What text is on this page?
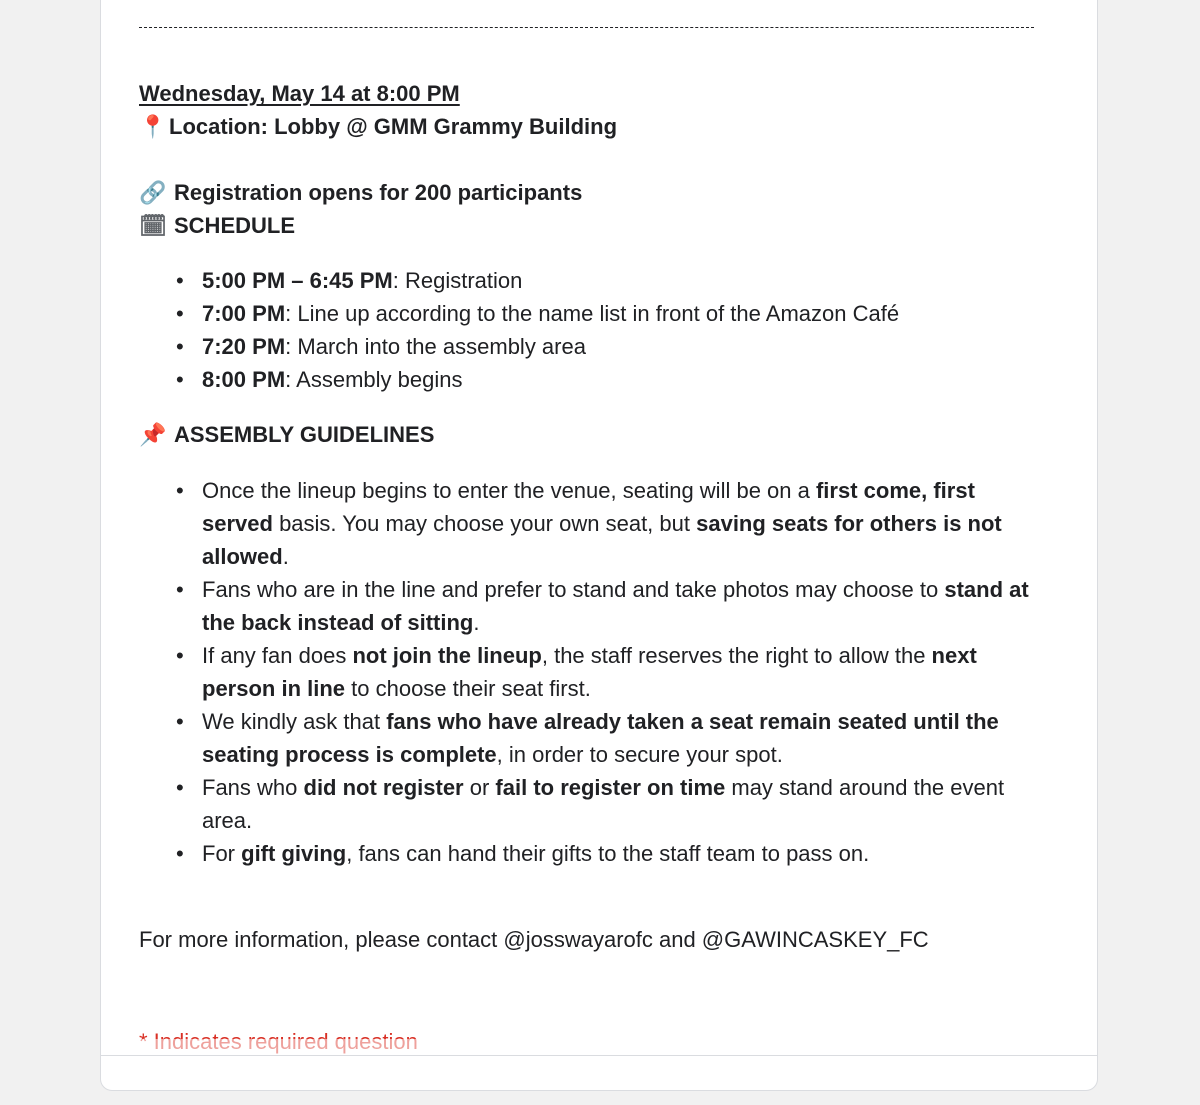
Wednesday, May 14 at 8:00 PM
📍 Location: Lobby @ GMM Grammy Building
🔗 Registration opens for 200 participants
🗓 SCHEDULE
• 5:00 PM – 6:45 PM: Registration
• 7:00 PM: Line up according to the name list in front of the Amazon Café
• 7:20 PM: March into the assembly area
• 8:00 PM: Assembly begins
📌 ASSEMBLY GUIDELINES
• Once the lineup begins to enter the venue, seating will be on a first come, first
served basis. You may choose your own seat, but saving seats for others is not
allowed.
• Fans who are in the line and prefer to stand and take photos may choose to stand at
the back instead of sitting.
• If any fan does not join the lineup, the staff reserves the right to allow the next
person in line to choose their seat first.
• We kindly ask that fans who have already taken a seat remain seated until the
seating process is complete, in order to secure your spot.
• Fans who did not register or fail to register on time may stand around the event
area.
• For gift giving, fans can hand their gifts to the staff team to pass on.
For more information, please contact @josswayarofc and @GAWINCASKEY_FC
